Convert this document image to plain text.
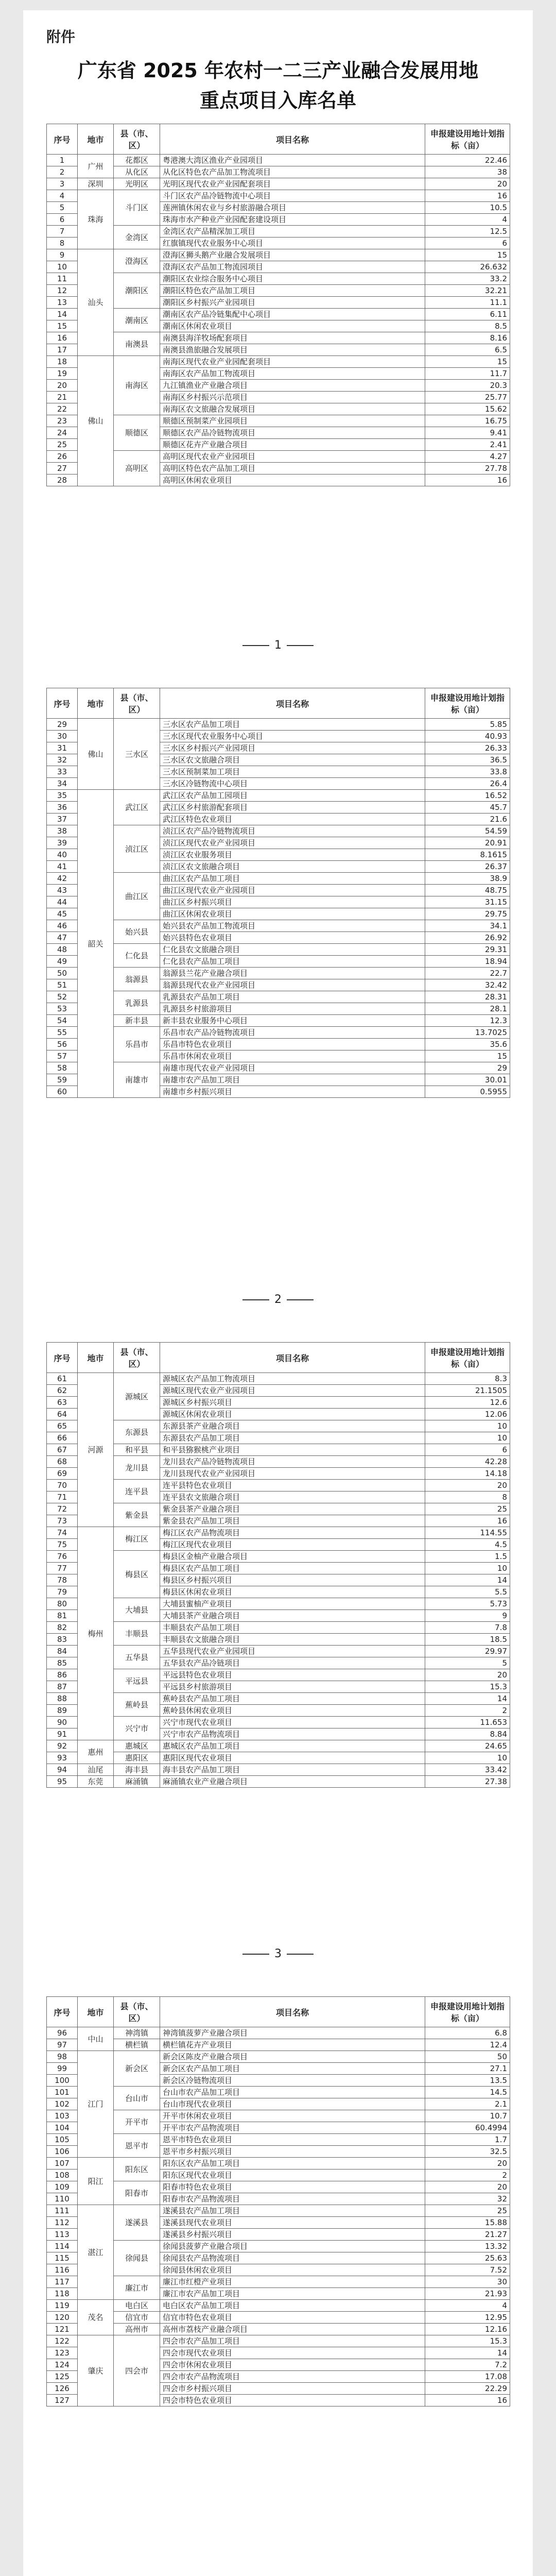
附件
广东省 2025 年农村一二三产业融合发展用地
重点项目入库名单
序号	地市	县（市、区）	项目名称	申报建设用地计划指标（亩）
1	广州	花都区	粤港澳大湾区渔业产业园项目	22.46
2		从化区	从化区特色农产品加工物流项目	38
3	深圳	光明区	光明区现代农业产业园配套项目	20
4	珠海	斗门区	斗门区农产品冷链物流中心项目	16
5			莲洲镇休闲农业与乡村旅游融合项目	10.5
6			珠海市水产种业产业园配套建设项目	4
7		金湾区	金湾区农产品精深加工项目	12.5
8			红旗镇现代农业服务中心项目	6
9	汕头	澄海区	澄海区狮头鹅产业融合发展项目	15
10			澄海区农产品加工物流园项目	26.632
11		潮阳区	潮阳区农业综合服务中心项目	33.2
12			潮阳区特色农产品加工项目	32.21
13			潮阳区乡村振兴产业园项目	11.1
14		潮南区	潮南区农产品冷链集配中心项目	6.11
15			潮南区休闲农业项目	8.5
16		南澳县	南澳县海洋牧场配套项目	8.16
17			南澳县渔旅融合发展项目	6.5
18	佛山	南海区	南海区现代农业产业园配套项目	15
19			南海区农产品加工物流项目	11.7
20			九江镇渔业产业融合项目	20.3
21			南海区乡村振兴示范项目	25.77
22			南海区农文旅融合发展项目	15.62
23		顺德区	顺德区预制菜产业园项目	16.75
24			顺德区农产品冷链物流项目	9.41
25			顺德区花卉产业融合项目	2.41
26		高明区	高明区现代农业产业园项目	4.27
27			高明区特色农产品加工项目	27.78
28			高明区休闲农业项目	16
1
序号	地市	县（市、区）	项目名称	申报建设用地计划指标（亩）
29	佛山	三水区	三水区农产品加工项目	5.85
30			三水区现代农业服务中心项目	40.93
31			三水区乡村振兴产业园项目	26.33
32			三水区农文旅融合项目	36.5
33			三水区预制菜加工项目	33.8
34			三水区冷链物流中心项目	26.4
35	韶关	武江区	武江区农产品加工园项目	16.52
36			武江区乡村旅游配套项目	45.7
37			武江区特色农业项目	21.6
38		浈江区	浈江区农产品冷链物流项目	54.59
39			浈江区现代农业产业园项目	20.91
40			浈江区农业服务项目	8.1615
41			浈江区农文旅融合项目	26.37
42		曲江区	曲江区农产品加工项目	38.9
43			曲江区现代农业产业园项目	48.75
44			曲江区乡村振兴项目	31.15
45			曲江区休闲农业项目	29.75
46		始兴县	始兴县农产品加工物流项目	34.1
47			始兴县特色农业项目	26.92
48		仁化县	仁化县农文旅融合项目	29.31
49			仁化县农产品加工项目	18.94
50		翁源县	翁源县兰花产业融合项目	22.7
51			翁源县现代农业产业园项目	32.42
52		乳源县	乳源县农产品加工项目	28.31
53			乳源县乡村旅游项目	28.1
54		新丰县	新丰县农业服务中心项目	12.3
55		乐昌市	乐昌市农产品冷链物流项目	13.7025
56			乐昌市特色农业项目	35.6
57			乐昌市休闲农业项目	15
58		南雄市	南雄市现代农业产业园项目	29
59			南雄市农产品加工项目	30.01
60			南雄市乡村振兴项目	0.5955
2
序号	地市	县（市、区）	项目名称	申报建设用地计划指标（亩）
61	河源	源城区	源城区农产品加工物流项目	8.3
62			源城区现代农业产业园项目	21.1505
63			源城区乡村振兴项目	12.6
64			源城区休闲农业项目	12.06
65		东源县	东源县茶产业融合项目	10
66			东源县农产品加工项目	10
67		和平县	和平县猕猴桃产业项目	6
68		龙川县	龙川县农产品冷链物流项目	42.28
69			龙川县现代农业产业园项目	14.18
70		连平县	连平县特色农业项目	20
71			连平县农文旅融合项目	8
72		紫金县	紫金县茶产业融合项目	25
73			紫金县农产品加工项目	16
74	梅州	梅江区	梅江区农产品物流项目	114.55
75			梅江区现代农业项目	4.5
76		梅县区	梅县区金柚产业融合项目	1.5
77			梅县区农产品加工项目	10
78			梅县区乡村振兴项目	14
79			梅县区休闲农业项目	5.5
80		大埔县	大埔县蜜柚产业项目	5.73
81			大埔县茶产业融合项目	9
82		丰顺县	丰顺县农产品加工项目	7.8
83			丰顺县农文旅融合项目	18.5
84		五华县	五华县现代农业产业园项目	29.97
85			五华县农产品冷链项目	5
86		平远县	平远县特色农业项目	20
87			平远县乡村旅游项目	15.3
88		蕉岭县	蕉岭县农产品加工项目	14
89			蕉岭县休闲农业项目	2
90		兴宁市	兴宁市现代农业项目	11.653
91			兴宁市农产品物流项目	8.84
92	惠州	惠城区	惠城区农产品加工项目	24.65
93		惠阳区	惠阳区现代农业项目	10
94	汕尾	海丰县	海丰县农产品加工项目	33.42
95	东莞	麻涌镇	麻涌镇农业产业融合项目	27.38
3
序号	地市	县（市、区）	项目名称	申报建设用地计划指标（亩）
96	中山	神湾镇	神湾镇菠萝产业融合项目	6.8
97		横栏镇	横栏镇花卉产业项目	12.4
98	江门	新会区	新会区陈皮产业融合项目	50
99			新会区农产品加工项目	27.1
100			新会区冷链物流项目	13.5
101		台山市	台山市农产品加工项目	14.5
102			台山市现代农业项目	2.1
103		开平市	开平市休闲农业项目	10.7
104			开平市农产品物流项目	60.4994
105		恩平市	恩平市特色农业项目	1.7
106			恩平市乡村振兴项目	32.5
107	阳江	阳东区	阳东区农产品加工项目	20
108			阳东区现代农业项目	2
109		阳春市	阳春市特色农业项目	20
110			阳春市农产品物流项目	32
111	湛江	遂溪县	遂溪县农产品加工项目	25
112			遂溪县现代农业项目	15.88
113			遂溪县乡村振兴项目	21.27
114		徐闻县	徐闻县菠萝产业融合项目	13.32
115			徐闻县农产品物流项目	25.63
116			徐闻县休闲农业项目	7.52
117		廉江市	廉江市红橙产业项目	30
118			廉江市农产品加工项目	21.93
119	茂名	电白区	电白区农产品加工项目	4
120		信宜市	信宜市特色农业项目	12.95
121		高州市	高州市荔枝产业融合项目	12.16
122	肇庆	四会市	四会市农产品加工项目	15.3
123			四会市现代农业项目	14
124			四会市休闲农业项目	7.2
125			四会市农产品物流项目	17.08
126			四会市乡村振兴项目	22.29
127			四会市特色农业项目	16
